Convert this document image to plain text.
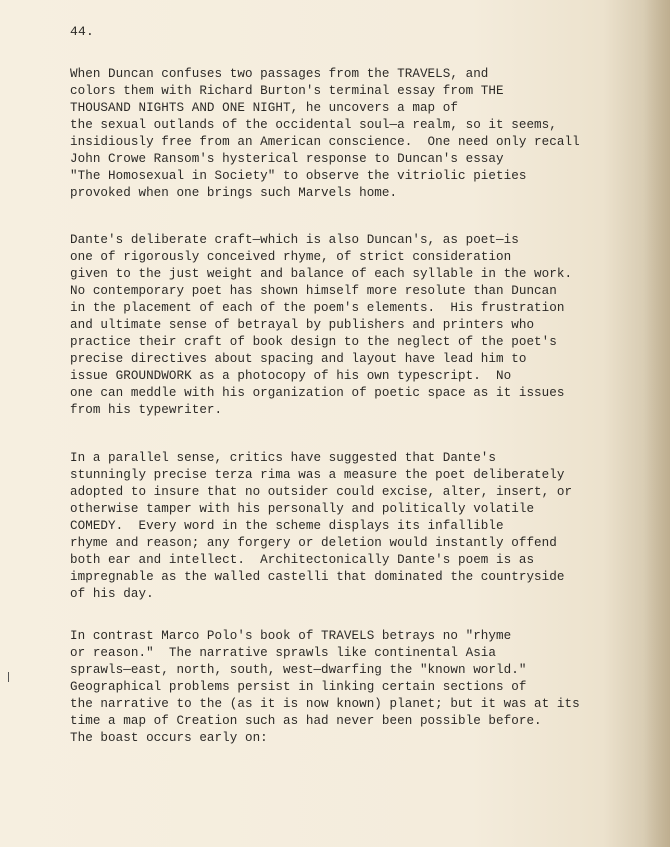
44.

When Duncan confuses two passages from the TRAVELS, and
colors them with Richard Burton's terminal essay from THE
THOUSAND NIGHTS AND ONE NIGHT, he uncovers a map of
the sexual outlands of the occidental soul—a realm, so it seems,
insidiously free from an American conscience.  One need only recall
John Crowe Ransom's hysterical response to Duncan's essay
"The Homosexual in Society" to observe the vitriolic pieties
provoked when one brings such Marvels home.

Dante's deliberate craft—which is also Duncan's, as poet—is
one of rigorously conceived rhyme, of strict consideration
given to the just weight and balance of each syllable in the work.
No contemporary poet has shown himself more resolute than Duncan
in the placement of each of the poem's elements.  His frustration
and ultimate sense of betrayal by publishers and printers who
practice their craft of book design to the neglect of the poet's
precise directives about spacing and layout have lead him to
issue GROUNDWORK as a photocopy of his own typescript.  No
one can meddle with his organization of poetic space as it issues
from his typewriter.

In a parallel sense, critics have suggested that Dante's
stunningly precise terza rima was a measure the poet deliberately
adopted to insure that no outsider could excise, alter, insert, or
otherwise tamper with his personally and politically volatile
COMEDY.  Every word in the scheme displays its infallible
rhyme and reason; any forgery or deletion would instantly offend
both ear and intellect.  Architectonically Dante's poem is as
impregnable as the walled castelli that dominated the countryside
of his day.

In contrast Marco Polo's book of TRAVELS betrays no "rhyme
or reason."  The narrative sprawls like continental Asia
sprawls—east, north, south, west—dwarfing the "known world."
Geographical problems persist in linking certain sections of
the narrative to the (as it is now known) planet; but it was at its
time a map of Creation such as had never been possible before.
The boast occurs early on:
